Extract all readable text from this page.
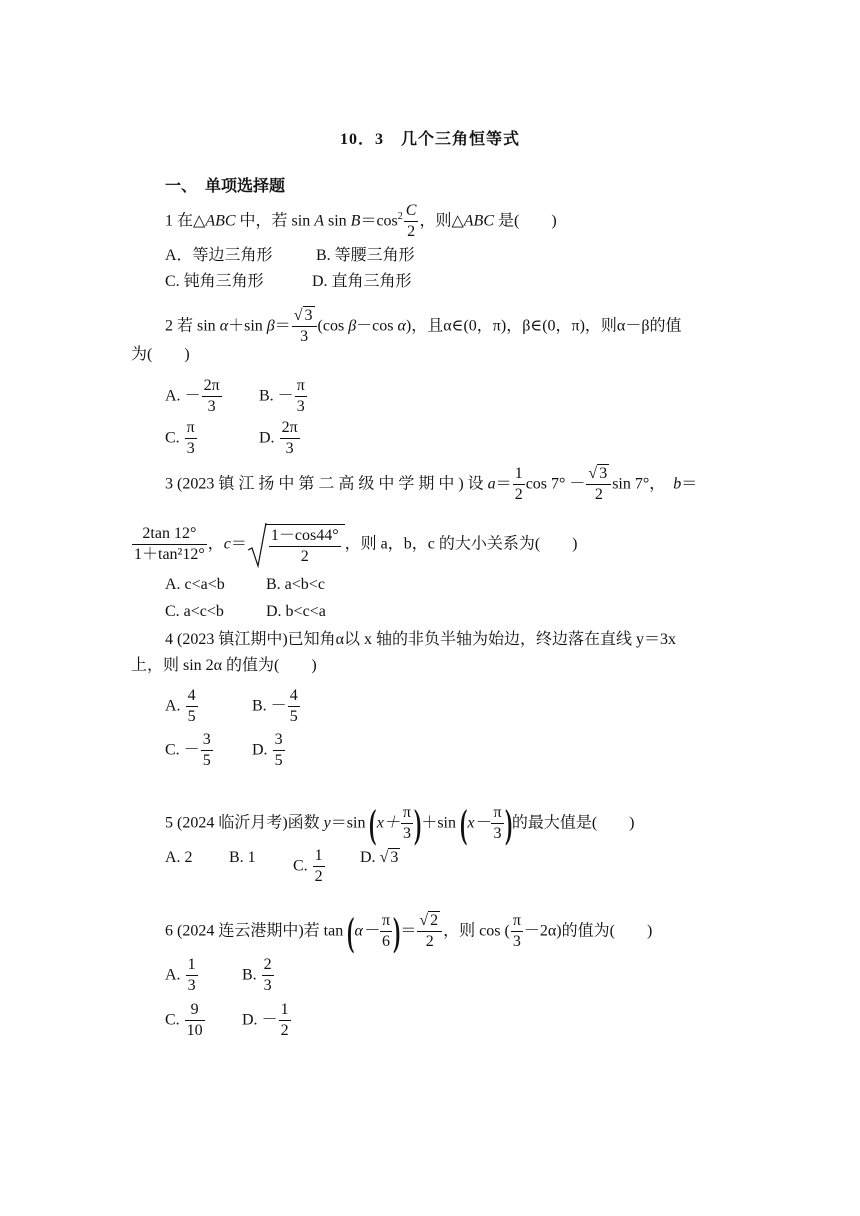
10．3　几个三角恒等式
一、　单项选择题
1 在△ABC 中，若 sin A $\sin B=\cos^2 \frac{C}{2}$ ，则△ABC 是(　　)
A．等边三角形	B. 等腰三角形
C. 钝角三角形	D. 直角三角形
2 若 sin α＋sin $\beta= \frac{√ 3}{3} (\cos$ β－cos α)，且α∈(0，π)，β∈(0，π)，则α－β的值
为(　　)
A. － $\frac{2\pi}{3} B$. － $\frac{\pi}{3}$
C. $\frac{\pi}{3}$	D. $\frac{2\pi}{3}$
3 (2023 镇 江 扬 中 第 二 高 级 中 学 期 中 ) 设 $a= \frac{1}{2}$ $\cos 7^\circ - \frac{√ 3}{2}$ sin 7°，　 b＝
$\frac{2\tan 12^\circ}{\text{1＋tan²12°}}$ ，$c= \frac{1-\cos 44^\circ}{2}$ ，则 a，b，c 的大小关系为(　　)
A. c<a<b	B. a<b<c
C. a<c<b	D. b<c<a
4 (2023 镇江期中)已知角α以 x 轴的非负半轴为始边，终边落在直线 y＝3x
上，则 sin 2α 的值为(　　)
A. $\frac{4}{5}$	B. － $\frac{4}{5}$
C. － $\frac{3}{5} D$. $\frac{3}{5}$
5 (2024 临沂月考)函数 y＝sin $(x+ \frac{\pi}{3} )+\sin$ ($x- \frac{\pi}{3}$ )的最大值是(　　)
A. 2 B. 1 C. $\frac{1}{2} D$. √ 3
6 (2024 连云港期中)若 $\tan (\alpha- \frac{\pi}{6}$ )＝ $\frac{√ 2}{2}$ ，则 cos ( $\frac{\pi}{3} -2\alpha$)的值为(　　)
A. $\frac{1}{3}$	B. $\frac{2}{3}$
C. $\frac{9}{10} D$. － $\frac{1}{2}$
